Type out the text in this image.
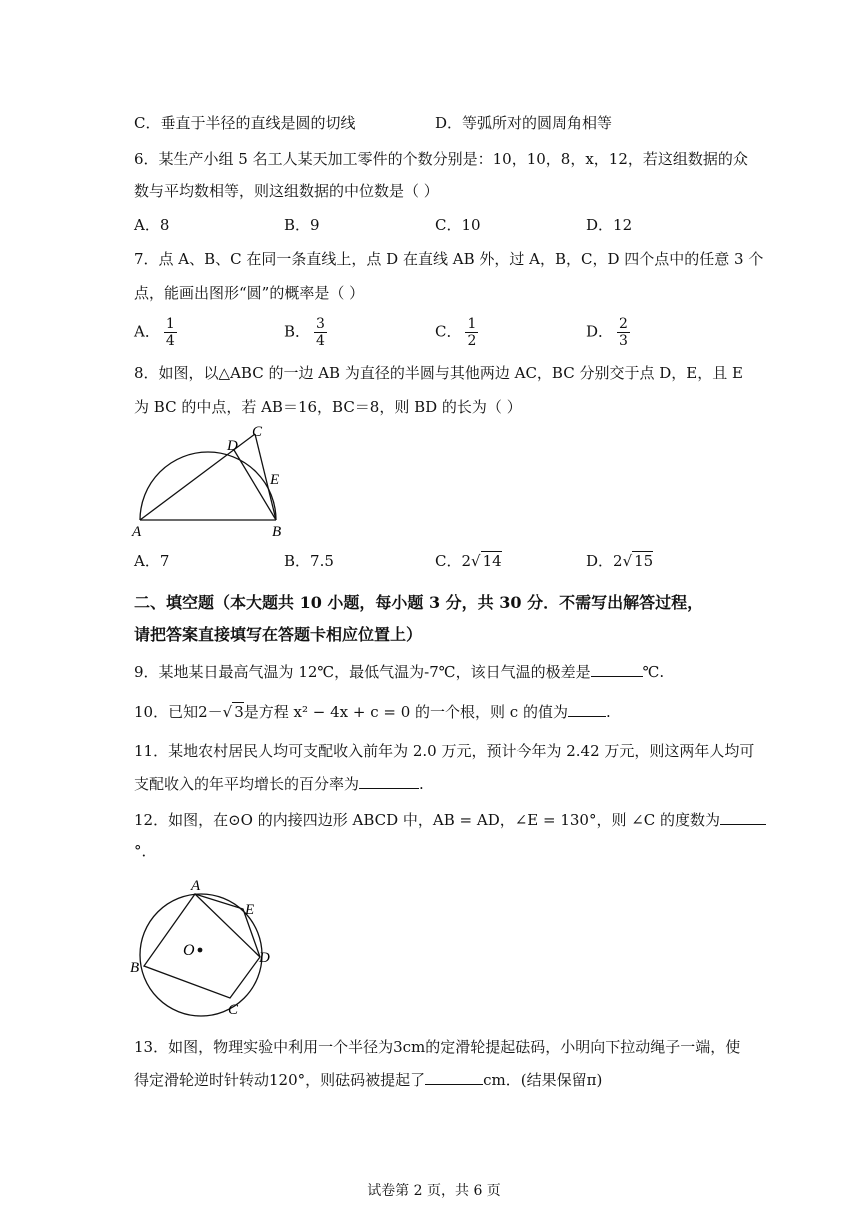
C．垂直于半径的直线是圆的切线	D．等弧所对的圆周角相等
6．某生产小组 5 名工人某天加工零件的个数分别是：10，10，8，x，12，若这组数据的众
数与平均数相等，则这组数据的中位数是（ ）
A．8	B．9	C．10	D．12
7．点 A、B、C 在同一条直线上，点 D 在直线 AB 外，过 A，B，C，D 四个点中的任意 3 个
点，能画出图形“圆”的概率是（ ）
A． $\frac{1}{4}$	B． $\frac{3}{4}$	C． $\frac{1}{2}$	D． $\frac{2}{3}$
8．如图，以△ABC 的一边 AB 为直径的半圆与其他两边 AC，BC 分别交于点 D，E，且 E
为 BC 的中点，若 AB＝16，BC＝8，则 BD 的长为（ ）
A	B
C
D
E
A．7	B．7.5	C．2√ 14	D．2√ 15
二、填空题（本大题共 10 小题，每小题 3 分，共 30 分．不需写出解答过程，
请把答案直接填写在答题卡相应位置上）
9．某地某日最高气温为 12℃，最低气温为-7℃，该日气温的极差是	℃.
10．已知2－√ 3是方程 x² − 4x + c = 0 的一个根，则 c 的值为	.
11．某地农村居民人均可支配收入前年为 2.0 万元，预计今年为 2.42 万元，则这两年人均可
支配收入的年平均增长的百分率为	.
12．如图，在⊙O 的内接四边形 ABCD 中，AB = AD，∠E = 130°，则 ∠C 的度数为
°．
O
A
B
C
D
E
13．如图，物理实验中利用一个半径为3cm的定滑轮提起砝码，小明向下拉动绳子一端，使
得定滑轮逆时针转动120°，则砝码被提起了	cm．(结果保留π)
试卷第 2 页，共 6 页
